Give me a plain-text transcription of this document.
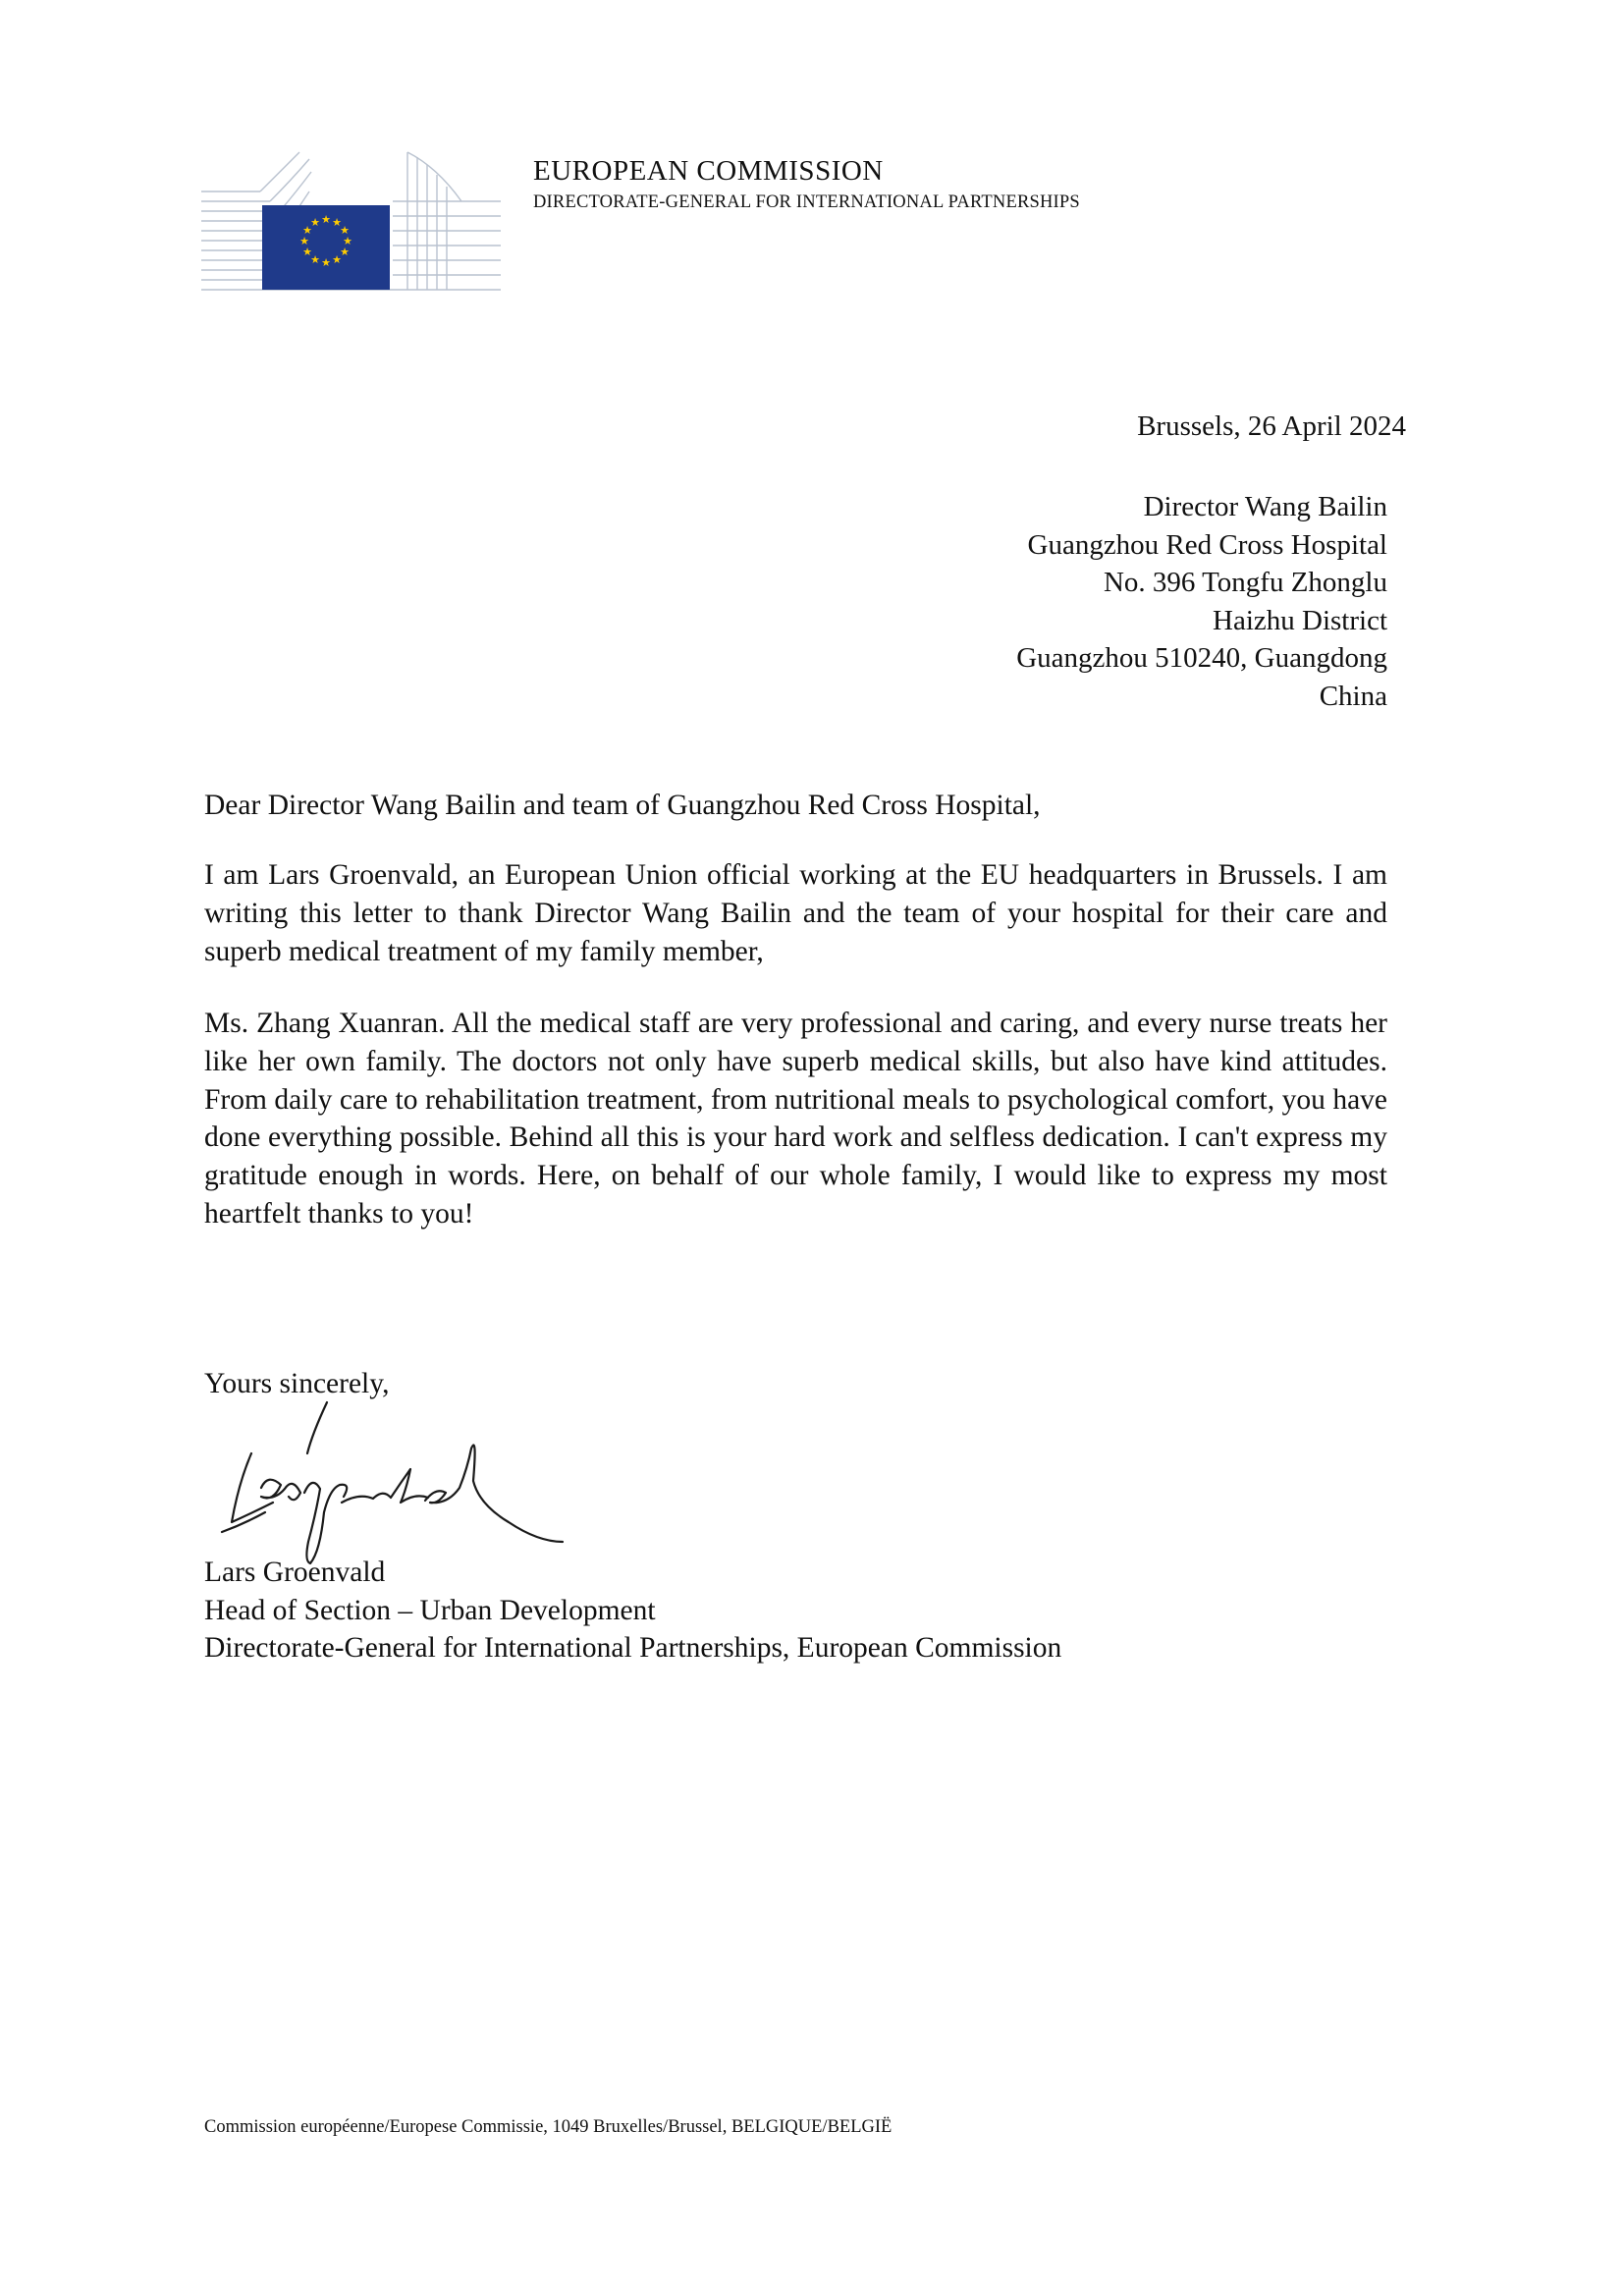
★ ★
★
★
★
★
★
★
★
★
★
★
EUROPEAN COMMISSION
DIRECTORATE-GENERAL FOR INTERNATIONAL PARTNERSHIPS
Brussels, 26 April 2024
Director Wang Bailin
Guangzhou Red Cross Hospital
No. 396 Tongfu Zhonglu
Haizhu District
Guangzhou 510240, Guangdong
China
Dear Director Wang Bailin and team of Guangzhou Red Cross Hospital,
I am Lars Groenvald, an European Union official working at the EU headquarters in Brussels. I am writing this letter to thank Director Wang Bailin and the team of your hospital for their care and superb medical treatment of my family member,
Ms. Zhang Xuanran. All the medical staff are very professional and caring, and every nurse treats her like her own family. The doctors not only have superb medical skills, but also have kind attitudes. From daily care to rehabilitation treatment, from nutritional meals to psychological comfort, you have done everything possible. Behind all this is your hard work and selfless dedication. I can't express my gratitude enough in words. Here, on behalf of our whole family, I would like to express my most heartfelt thanks to you!
Yours sincerely,
Lars Groenvald
Head of Section – Urban Development
Directorate-General for International Partnerships, European Commission
Commission européenne/Europese Commissie, 1049 Bruxelles/Brussel, BELGIQUE/BELGIË
